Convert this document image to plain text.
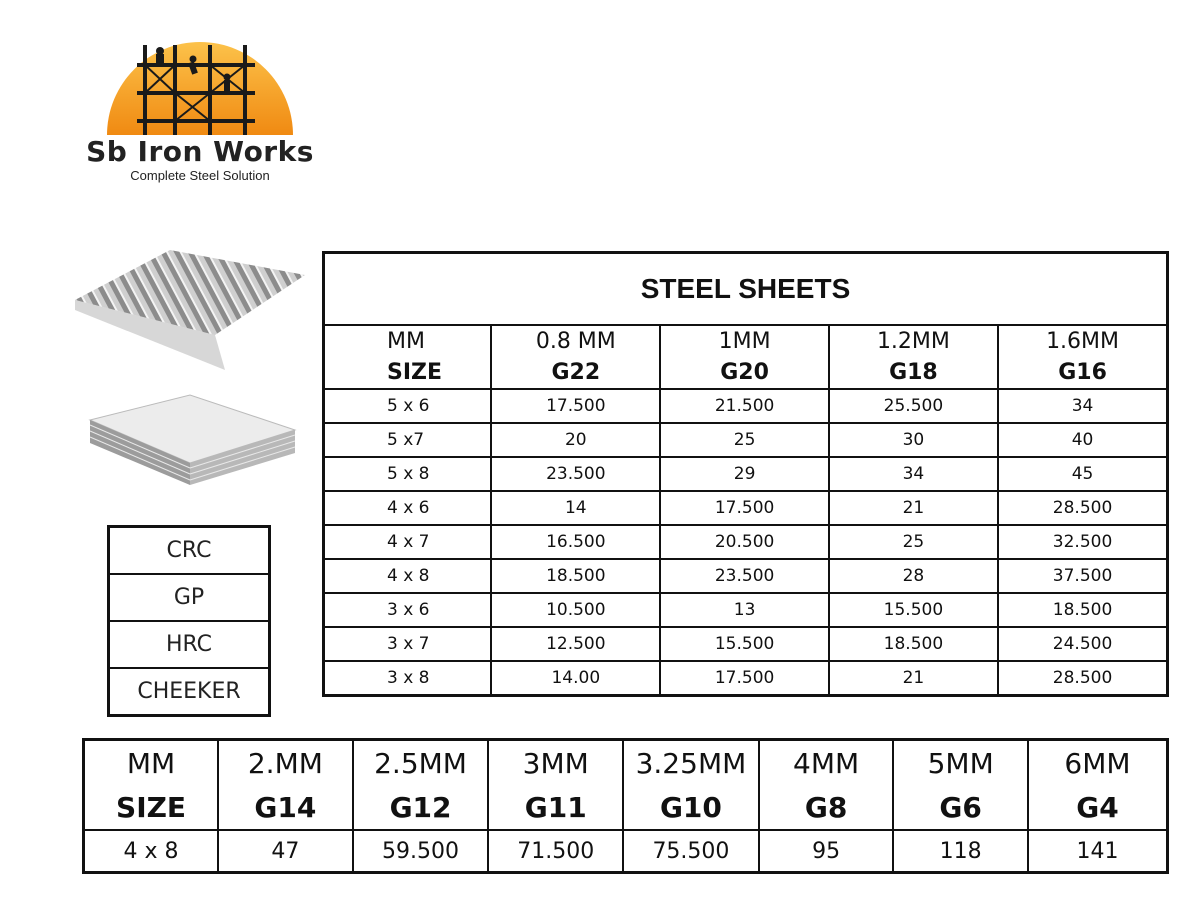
Sb Iron Works
Complete Steel Solution
CRC
GP
HRC
CHEEKER
STEEL SHEETS				
MM	0.8 MM	1MM	1.2MM	1.6MM
SIZE	G22	G20	G18	G16
5 x 6	17.500	21.500	25.500	34
5 x7	20	25	30	40
5 x 8	23.500	29	34	45
4 x 6	14	17.500	21	28.500
4 x 7	16.500	20.500	25	32.500
4 x 8	18.500	23.500	28	37.500
3 x 6	10.500	13	15.500	18.500
3 x 7	12.500	15.500	18.500	24.500
3 x 8	14.00	17.500	21	28.500
MM	2.MM	2.5MM	3MM	3.25MM	4MM	5MM	6MM
SIZE	G14	G12	G11	G10	G8	G6	G4
4 x 8	47	59.500	71.500	75.500	95	118	141
